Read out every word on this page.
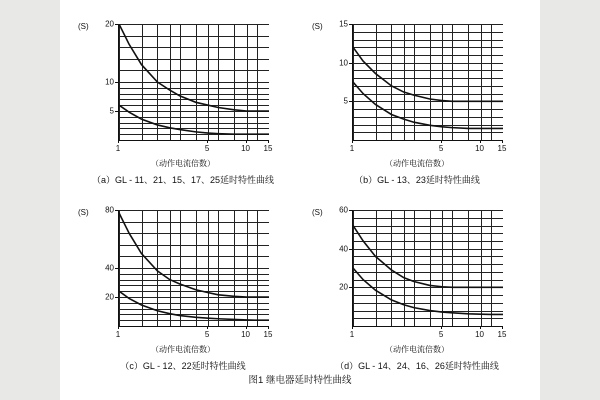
(S)
（动作电流倍数）
（a）GL - 11、21、15、17、25延时特性曲线
5
10
20
1	5	10 15
(S)
（动作电流倍数）
（b）GL - 13、23延时特性曲线
5
10
15
1	5	10 15
(S)
（动作电流倍数）
（c）GL - 12、22延时特性曲线
20
40
80
1	5	10 15
(S)
（动作电流倍数）
（d）GL - 14、24、16、26延时特性曲线
20
40
60
1	5	10 15
图1 继电器延时特性曲线
